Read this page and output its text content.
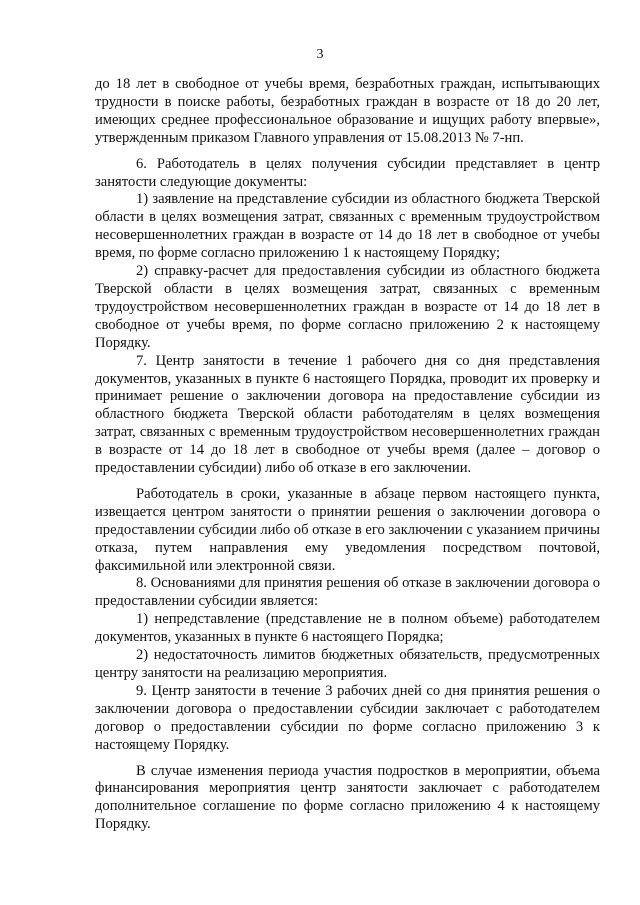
3

до 18 лет в свободное от учебы время, безработных граждан, испытывающих трудности в поиске работы, безработных граждан в возрасте от 18 до 20 лет, имеющих среднее профессиональное образование и ищущих работу впервые», утвержденным приказом Главного управления от 15.08.2013 № 7-нп.

6. Работодатель в целях получения субсидии представляет в центр занятости следующие документы:

1) заявление на представление субсидии из областного бюджета Тверской области в целях возмещения затрат, связанных с временным трудоустройством несовершеннолетних граждан в возрасте от 14 до 18 лет в свободное от учебы время, по форме согласно приложению 1 к настоящему Порядку;

2) справку-расчет для предоставления субсидии из областного бюджета Тверской области в целях возмещения затрат, связанных с временным трудоустройством несовершеннолетних граждан в возрасте от 14 до 18 лет в свободное от учебы время, по форме согласно приложению 2 к настоящему Порядку.

7. Центр занятости в течение 1 рабочего дня со дня представления документов, указанных в пункте 6 настоящего Порядка, проводит их проверку и принимает решение о заключении договора на предоставление субсидии из областного бюджета Тверской области работодателям в целях возмещения затрат, связанных с временным трудоустройством несовершеннолетних граждан в возрасте от 14 до 18 лет в свободное от учебы время (далее – договор о предоставлении субсидии) либо об отказе в его заключении.

Работодатель в сроки, указанные в абзаце первом настоящего пункта, извещается центром занятости о принятии решения о заключении договора о предоставлении субсидии либо об отказе в его заключении с указанием причины отказа, путем направления ему уведомления посредством почтовой, факсимильной или электронной связи.

8. Основаниями для принятия решения об отказе в заключении договора о предоставлении субсидии является:

1) непредставление (представление не в полном объеме) работодателем документов, указанных в пункте 6 настоящего Порядка;

2) недостаточность лимитов бюджетных обязательств, предусмотренных центру занятости на реализацию мероприятия.

9. Центр занятости в течение 3 рабочих дней со дня принятия решения о заключении договора о предоставлении субсидии заключает с работодателем договор о предоставлении субсидии по форме согласно приложению 3 к настоящему Порядку.

В случае изменения периода участия подростков в мероприятии, объема финансирования мероприятия центр занятости заключает с работодателем дополнительное соглашение по форме согласно приложению 4 к настоящему Порядку.
